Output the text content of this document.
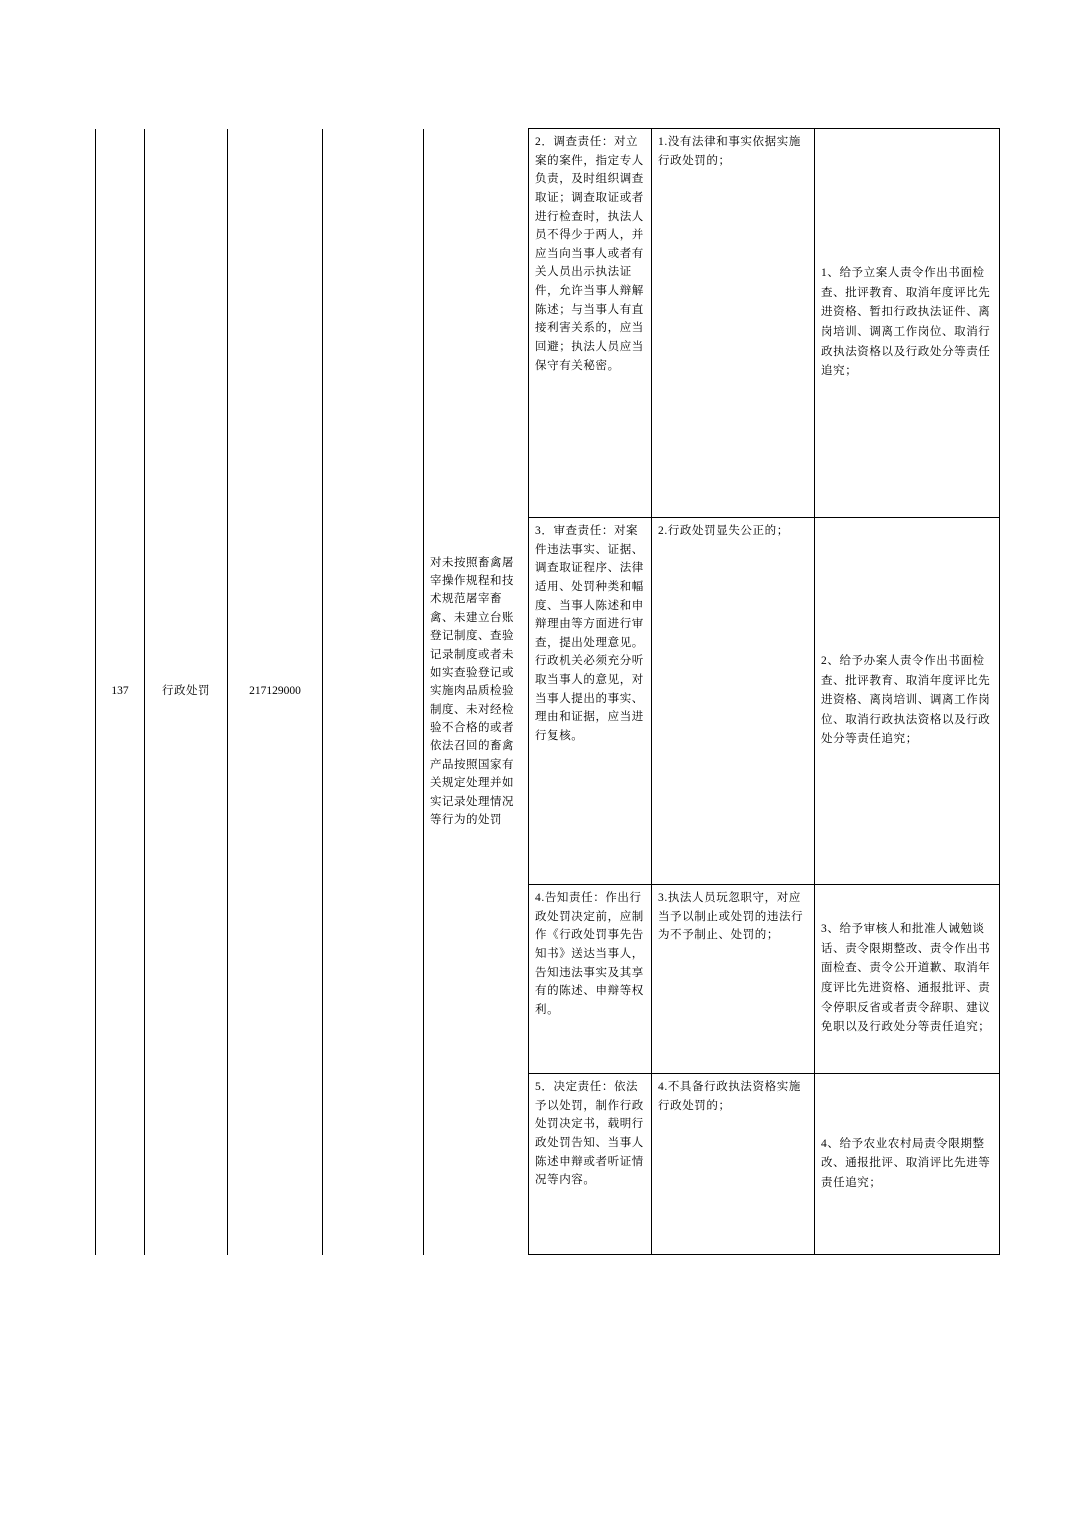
137	行政处罚	217129000		对未按照畜禽屠宰操作规程和技术规范屠宰畜禽、未建立台账登记制度、查验记录制度或者未如实查验登记或实施肉品质检验制度、未对经检验不合格的或者依法召回的畜禽产品按照国家有关规定处理并如实记录处理情况等行为的处罚	2．调查责任：对立案的案件，指定专人负责，及时组织调查取证；调查取证或者进行检查时，执法人员不得少于两人，并应当向当事人或者有关人员出示执法证件，允许当事人辩解陈述；与当事人有直接利害关系的，应当回避；执法人员应当保守有关秘密。	1.没有法律和事实依据实施行政处罚的；	1、给予立案人责令作出书面检查、批评教育、取消年度评比先进资格、暂扣行政执法证件、离岗培训、调离工作岗位、取消行政执法资格以及行政处分等责任追究；

					3．审查责任：对案件违法事实、证据、调查取证程序、法律适用、处罚种类和幅度、当事人陈述和申辩理由等方面进行审查，提出处理意见。行政机关必须充分听取当事人的意见，对当事人提出的事实、理由和证据，应当进行复核。	2.行政处罚显失公正的；	2、给予办案人责令作出书面检查、批评教育、取消年度评比先进资格、离岗培训、调离工作岗位、取消行政执法资格以及行政处分等责任追究；

					4.告知责任：作出行政处罚决定前，应制作《行政处罚事先告知书》送达当事人，告知违法事实及其享有的陈述、申辩等权利。	3.执法人员玩忽职守，对应当予以制止或处罚的违法行为不予制止、处罚的；	3、给予审核人和批准人诫勉谈话、责令限期整改、责令作出书面检查、责令公开道歉、取消年度评比先进资格、通报批评、责令停职反省或者责令辞职、建议免职以及行政处分等责任追究；

					5．决定责任：依法予以处罚，制作行政处罚决定书，载明行政处罚告知、当事人陈述申辩或者听证情况等内容。	4.不具备行政执法资格实施行政处罚的；	4、给予农业农村局责令限期整改、通报批评、取消评比先进等责任追究；
